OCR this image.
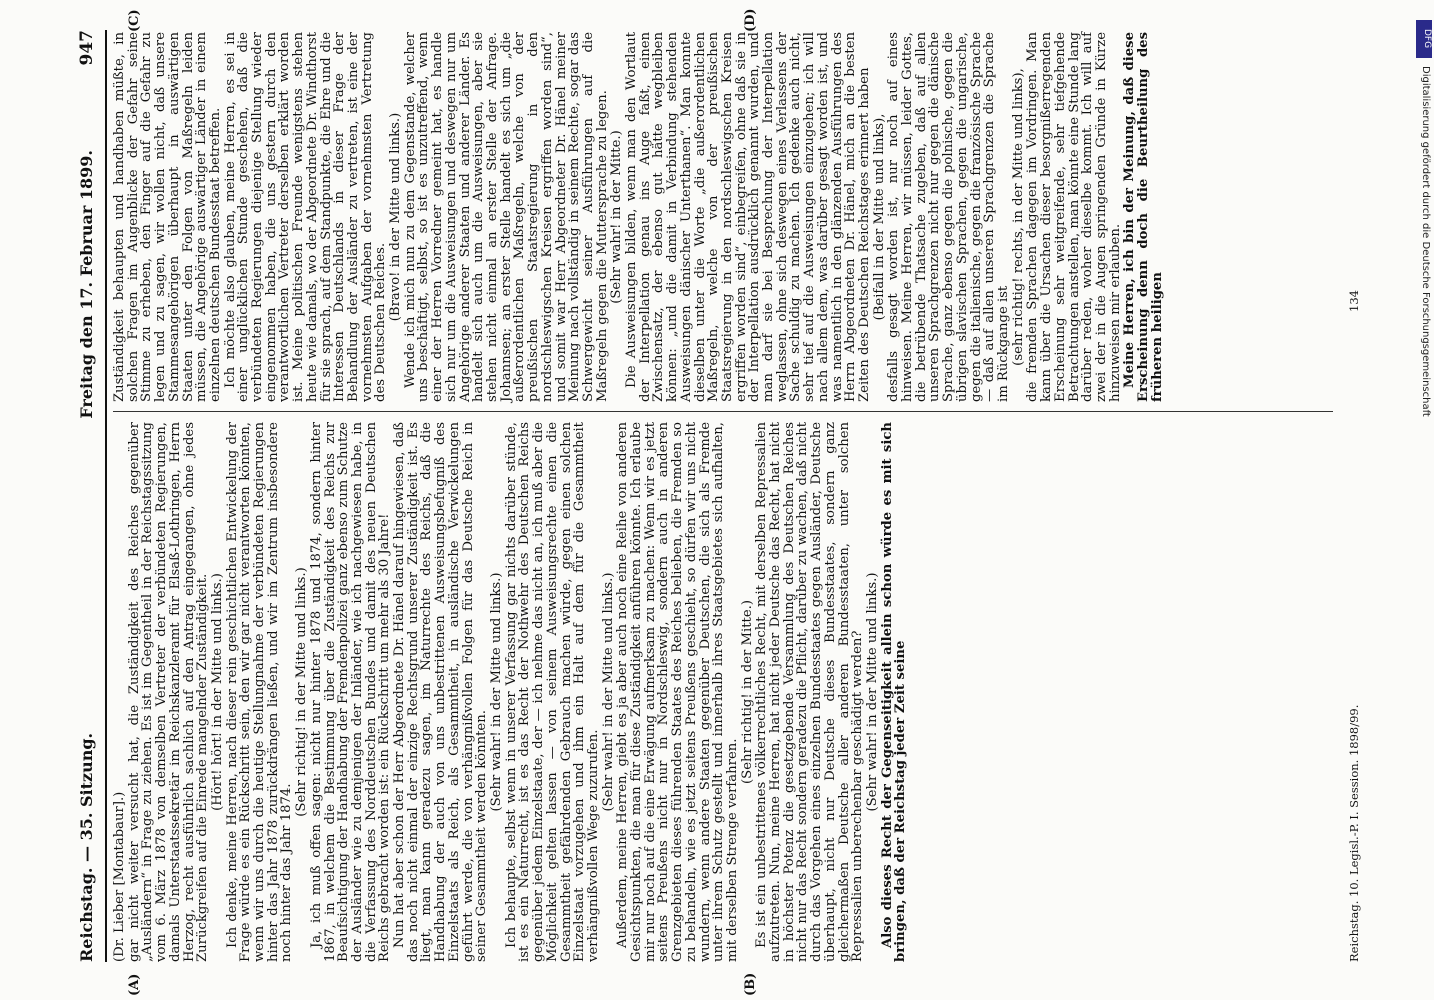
Reichstag. — 35. Sitzung.
Freitag den 17. Februar 1899.
947
(A)	(B)
(C)	(D)

(Dr. Lieber [Montabaur].) gar nicht weiter versucht hat, die Zuständigkeit des Reiches gegenüber „Ausländern“ in Frage zu ziehen. Es ist im Gegentheil in der Reichstagssitzung vom 6. März 1878 von demselben Vertreter der verbündeten Regierungen, damals Unterstaatssekretär im Reichskanzleramt für Elsaß-Lothringen, Herrn Herzog, recht ausführlich sachlich auf den Antrag eingegangen, ohne jedes Zurückgreifen auf die Einrede mangelnder Zuständigkeit. (Hört! hört! in der Mitte und links.) Ich denke, meine Herren, nach dieser rein geschichtlichen Entwickelung der Frage würde es ein Rückschritt sein, den wir gar nicht verantworten könnten, wenn wir uns durch die heutige Stellungnahme der verbündeten Regierungen hinter das Jahr 1878 zurückdrängen ließen, und wir im Zentrum insbesondere noch hinter das Jahr 1874.

(Sehr richtig! in der Mitte und links.) Ja, ich muß offen sagen: nicht nur hinter 1878 und 1874, sondern hinter 1867, in welchem die Bestimmung über die Zuständigkeit des Reichs zur Beaufsichtigung der Handhabung der Fremdenpolizei ganz ebenso zum Schutze der Ausländer wie zu demjenigen der Inländer, wie ich nachgewiesen habe, in die Verfassung des Norddeutschen Bundes und damit des neuen Deutschen Reichs gebracht worden ist: ein Rückschritt um mehr als 30 Jahre! Nun hat aber schon der Herr Abgeordnete Dr. Hänel darauf hingewiesen, daß das noch nicht einmal der einzige Rechtsgrund unserer Zuständigkeit ist. Es liegt, man kann geradezu sagen, im Naturrechte des Reichs, daß die Handhabung der auch von uns unbestrittenen Ausweisungsbefugniß des Einzelstaats als Reich, als Gesammtheit, in ausländische Verwickelungen geführt werde, die von verhängnißvollen Folgen für das Deutsche Reich in seiner Gesammtheit werden könnten.

(Sehr wahr! in der Mitte und links.) Ich behaupte, selbst wenn in unserer Verfassung gar nichts darüber stünde, ist es ein Naturrecht, ist es das Recht der Nothwehr des Deutschen Reichs gegenüber jedem Einzelstaate, der — ich nehme das nicht an, ich muß aber die Möglichkeit gelten lassen — von seinem Ausweisungsrechte einen die Gesammtheit gefährdenden Gebrauch machen würde, gegen einen solchen Einzelstaat vorzugehen und ihm ein Halt auf dem für die Gesammtheit verhängnißvollen Wege zuzurufen.

(Sehr wahr! in der Mitte und links.) Außerdem, meine Herren, giebt es ja aber auch noch eine Reihe von anderen Gesichtspunkten, die man für diese Zuständigkeit anführen könnte. Ich erlaube mir nur noch auf die eine Erwägung aufmerksam zu machen: Wenn wir es jetzt seitens Preußens nicht nur in Nordschleswig, sondern auch in anderen Grenzgebieten dieses führenden Staates des Reiches belieben, die Fremden so zu behandeln, wie es jetzt seitens Preußens geschieht, so dürfen wir uns nicht wundern, wenn andere Staaten gegenüber Deutschen, die sich als Fremde unter ihrem Schutz gestellt und innerhalb ihres Staatsgebietes sich aufhalten, mit derselben Strenge verfahren.

(Sehr richtig! in der Mitte.) Es ist ein unbestrittenes völkerrechtliches Recht, mit derselben Repressalien aufzutreten. Nun, meine Herren, hat nicht jeder Deutsche das Recht, hat nicht in höchster Potenz die gesetzgebende Versammlung des Deutschen Reiches nicht nur das Recht sondern geradezu die Pflicht, darüber zu wachen, daß nicht durch das Vorgehen eines einzelnen Bundesstaates gegen Ausländer, Deutsche überhaupt, nicht nur Deutsche dieses Bundesstaates, sondern ganz gleichermaßen Deutsche aller anderen Bundesstaaten, unter solchen Repressalien unberechenbar geschädigt werden? (Sehr wahr! in der Mitte und links.) Also dieses Recht der Gegenseitigkeit allein schon würde es mit sich bringen, daß der Reichstag jeder Zeit seine

Zuständigkeit behaupten und handhaben müßte, in solchen Fragen im Augenblicke der Gefahr seine Stimme zu erheben, den Finger auf die Gefahr zu legen und zu sagen, wir wollen nicht, daß unsere Stammesangehörigen überhaupt in auswärtigen Staaten unter den Folgen von Maßregeln leiden müssen, die Angehörige auswärtiger Länder in einem einzelnen deutschen Bundesstaat betreffen. Ich möchte also glauben, meine Herren, es sei in einer unglücklichen Stunde geschehen, daß die verbündeten Regierungen diejenige Stellung wieder eingenommen haben, die uns gestern durch den verantwortlichen Vertreter derselben erklärt worden ist. Meine politischen Freunde wenigstens stehen heute wie damals, wo der Abgeordnete Dr. Windthorst für sie sprach, auf dem Standpunkte, die Ehre und die Interessen Deutschlands in dieser Frage der Behandlung der Ausländer zu vertreten, ist eine der vornehmsten Aufgaben der vornehmsten Vertretung des Deutschen Reiches.

(Bravo! in der Mitte und links.) Wende ich mich nun zu dem Gegenstande, welcher uns beschäftigt, selbst, so ist es unzutreffend, wenn einer der Herren Vorredner gemeint hat, es handle sich nur um die Ausweisungen und deswegen nur um Angehörige anderer Staaten und anderer Länder. Es handelt sich auch um die Ausweisungen, aber sie stehen nicht einmal an erster Stelle der Anfrage. Johannsen; an erster Stelle handelt es sich um „die außerordentlichen Maßregeln, welche von der preußischen Staatsregierung in den nordschleswigschen Kreisen ergriffen worden sind“, und somit war Herr Abgeordneter Dr. Hänel meiner Meinung nach vollständig in seinem Rechte, sogar das Schwergewicht seiner Ausführungen auf die Maßregeln gegen die Muttersprache zu legen. (Sehr wahr! in der Mitte.) Die Ausweisungen bilden, wenn man den Wortlaut der Interpellation genau ins Auge faßt, einen Zwischensatz, der ebenso gut hätte wegbleiben können: „und die damit in Verbindung stehenden Ausweisungen dänischer Unterthanen“. Man konnte dieselben unter die Worte „die außerordentlichen Maßregeln, welche von der preußischen Staatsregierung in den nordschleswigschen Kreisen ergriffen worden sind“, einbegreifen, ohne daß sie in der Interpellation ausdrücklich genannt wurden, und man darf sie bei Besprechung der Interpellation weglassen, ohne sich deswegen eines Verlassens der Sache schuldig zu machen. Ich gedenke auch nicht, sehr tief auf die Ausweisungen einzugehen; ich will nach allem dem, was darüber gesagt worden ist, und was namentlich in den glänzenden Ausführungen des Herrn Abgeordneten Dr. Hänel, mich an die besten Zeiten des Deutschen Reichstages erinnert haben (Beifall in der Mitte und links), desfalls gesagt worden ist, nur noch auf eines hinweisen. Meine Herren, wir müssen, leider Gottes, die betrübende Thatsache zugeben, daß auf allen unseren Sprachgrenzen nicht nur gegen die dänische Sprache, ganz ebenso gegen die polnische, gegen die übrigen slavischen Sprachen, gegen die ungarische, gegen die italienische, gegen die französische Sprache — daß auf allen unseren Sprachgrenzen die Sprache im Rückgange ist (sehr richtig! rechts, in der Mitte und links), die fremden Sprachen dagegen im Vordringen. Man kann über die Ursachen dieser besorgnißerregenden Erscheinung sehr weitgreifende, sehr tiefgehende Betrachtungen anstellen, man könnte eine Stunde lang darüber reden, woher dieselbe kommt. Ich will auf zwei der in die Augen springenden Gründe in Kürze hinzuweisen mir erlauben. Meine Herren, ich bin der Meinung, daß diese Erscheinung denn doch die Beurtheilung des früheren heiligen

Reichstag. 10. Legisl.-P. I. Session. 1898/99.
134
DFG
Digitalisierung gefördert durch die Deutsche Forschungsgemeinschaft
